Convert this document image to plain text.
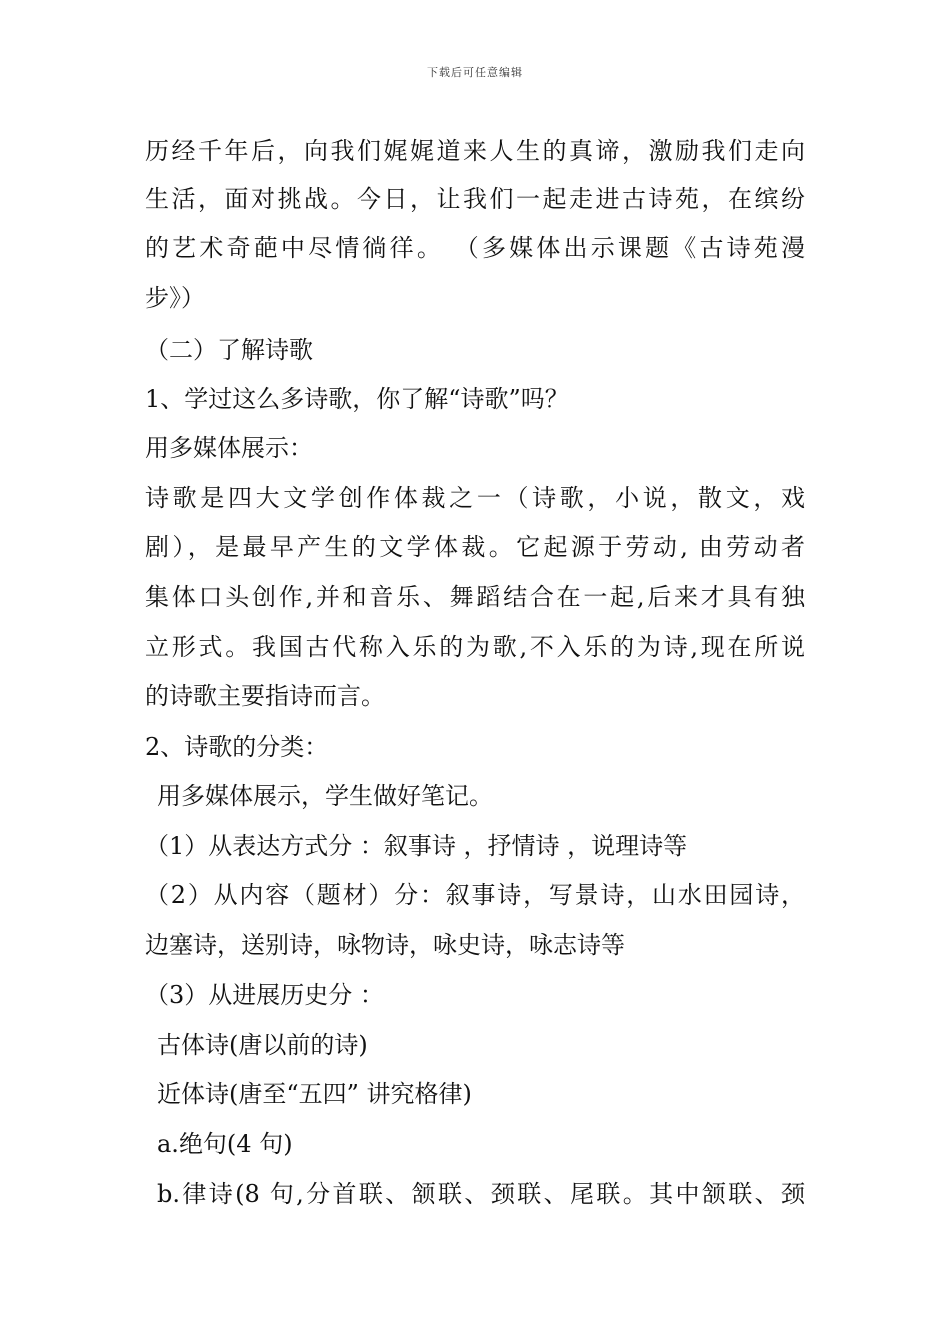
下载后可任意编辑
历经千年后，向我们娓娓道来人生的真谛，激励我们走向
生活，面对挑战。今日，让我们一起走进古诗苑，在缤纷
的艺术奇葩中尽情徜徉。 （多媒体出示课题《古诗苑漫
步》）
（二）了解诗歌
1、学过这么多诗歌，你了解“诗歌”吗？
用多媒体展示：
诗歌是四大文学创作体裁之一（诗歌，小说，散文，戏
剧），是最早产生的文学体裁。它起源于劳动, 由劳动者
集体口头创作,并和音乐、舞蹈结合在一起,后来才具有独
立形式。我国古代称入乐的为歌,不入乐的为诗,现在所说
的诗歌主要指诗而言。
2、诗歌的分类：
用多媒体展示，学生做好笔记。
（1）从表达方式分 ：叙事诗 ，抒情诗 ，说理诗等
（2）从内容（题材）分：叙事诗，写景诗，山水田园诗，
边塞诗，送别诗，咏物诗，咏史诗，咏志诗等
（3）从进展历史分 ：
古体诗(唐以前的诗)
近体诗(唐至“五四” 讲究格律)
a.绝句(4 句)
b.律诗(8 句,分首联、颔联、颈联、尾联。其中颔联、颈
